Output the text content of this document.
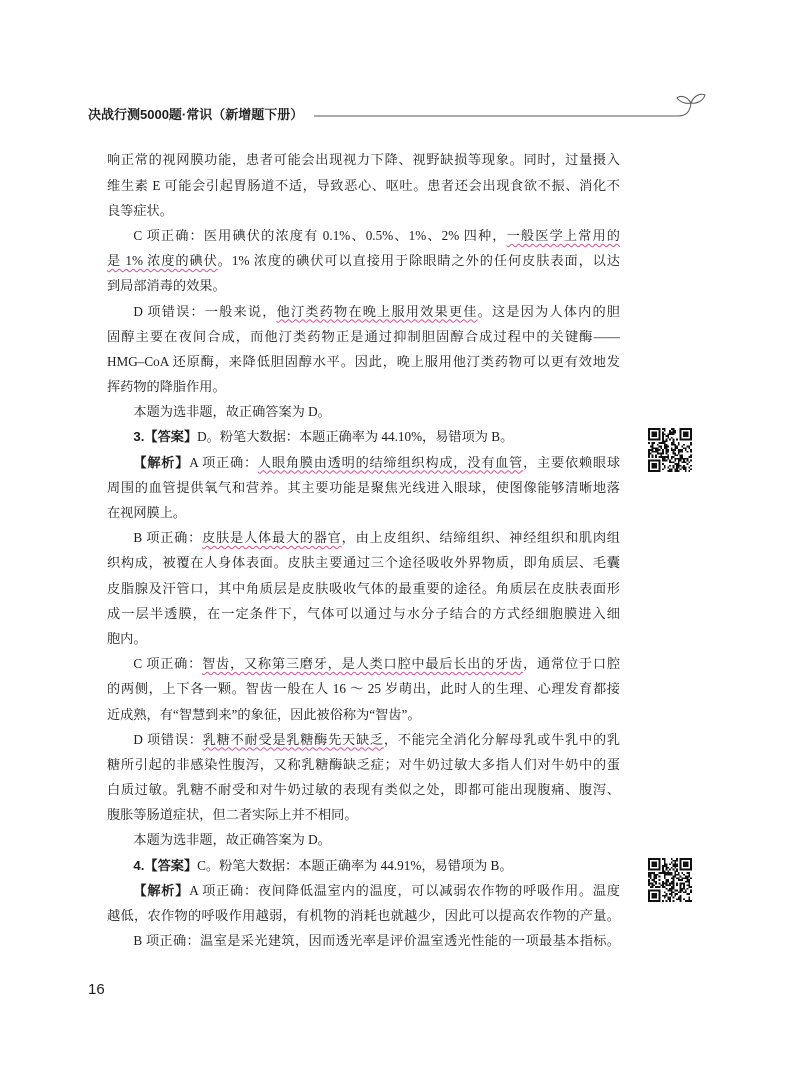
决战行测5000题·常识（新增题下册）
响正常的视网膜功能，患者可能会出现视力下降、视野缺损等现象。同时，过量摄入
维生素 E 可能会引起胃肠道不适，导致恶心、呕吐。患者还会出现食欲不振、消化不
良等症状。
C 项正确：医用碘伏的浓度有 0.1%、0.5%、1%、2% 四种，一般医学上常用的
是 1% 浓度的碘伏。1% 浓度的碘伏可以直接用于除眼睛之外的任何皮肤表面，以达
到局部消毒的效果。
D 项错误：一般来说，他汀类药物在晚上服用效果更佳。这是因为人体内的胆
固醇主要在夜间合成，而他汀类药物正是通过抑制胆固醇合成过程中的关键酶——
HMG–CoA 还原酶，来降低胆固醇水平。因此，晚上服用他汀类药物可以更有效地发
挥药物的降脂作用。
本题为选非题，故正确答案为 D。
3.【答案】D。粉笔大数据：本题正确率为 44.10%，易错项为 B。
【解析】A 项正确：人眼角膜由透明的结缔组织构成，没有血管，主要依赖眼球
周围的血管提供氧气和营养。其主要功能是聚焦光线进入眼球，使图像能够清晰地落
在视网膜上。
B 项正确：皮肤是人体最大的器官，由上皮组织、结缔组织、神经组织和肌肉组
织构成，被覆在人身体表面。皮肤主要通过三个途径吸收外界物质，即角质层、毛囊
皮脂腺及汗管口，其中角质层是皮肤吸收气体的最重要的途径。角质层在皮肤表面形
成一层半透膜，在一定条件下，气体可以通过与水分子结合的方式经细胞膜进入细
胞内。
C 项正确：智齿，又称第三磨牙，是人类口腔中最后长出的牙齿，通常位于口腔
的两侧，上下各一颗。智齿一般在人 16 ～ 25 岁萌出，此时人的生理、心理发育都接
近成熟，有“智慧到来”的象征，因此被俗称为“智齿”。
D 项错误：乳糖不耐受是乳糖酶先天缺乏，不能完全消化分解母乳或牛乳中的乳
糖所引起的非感染性腹泻，又称乳糖酶缺乏症；对牛奶过敏大多指人们对牛奶中的蛋
白质过敏。乳糖不耐受和对牛奶过敏的表现有类似之处，即都可能出现腹痛、腹泻、
腹胀等肠道症状，但二者实际上并不相同。
本题为选非题，故正确答案为 D。
4.【答案】C。粉笔大数据：本题正确率为 44.91%，易错项为 B。
【解析】A 项正确：夜间降低温室内的温度，可以减弱农作物的呼吸作用。温度
越低，农作物的呼吸作用越弱，有机物的消耗也就越少，因此可以提高农作物的产量。
B 项正确：温室是采光建筑，因而透光率是评价温室透光性能的一项最基本指标。
16
